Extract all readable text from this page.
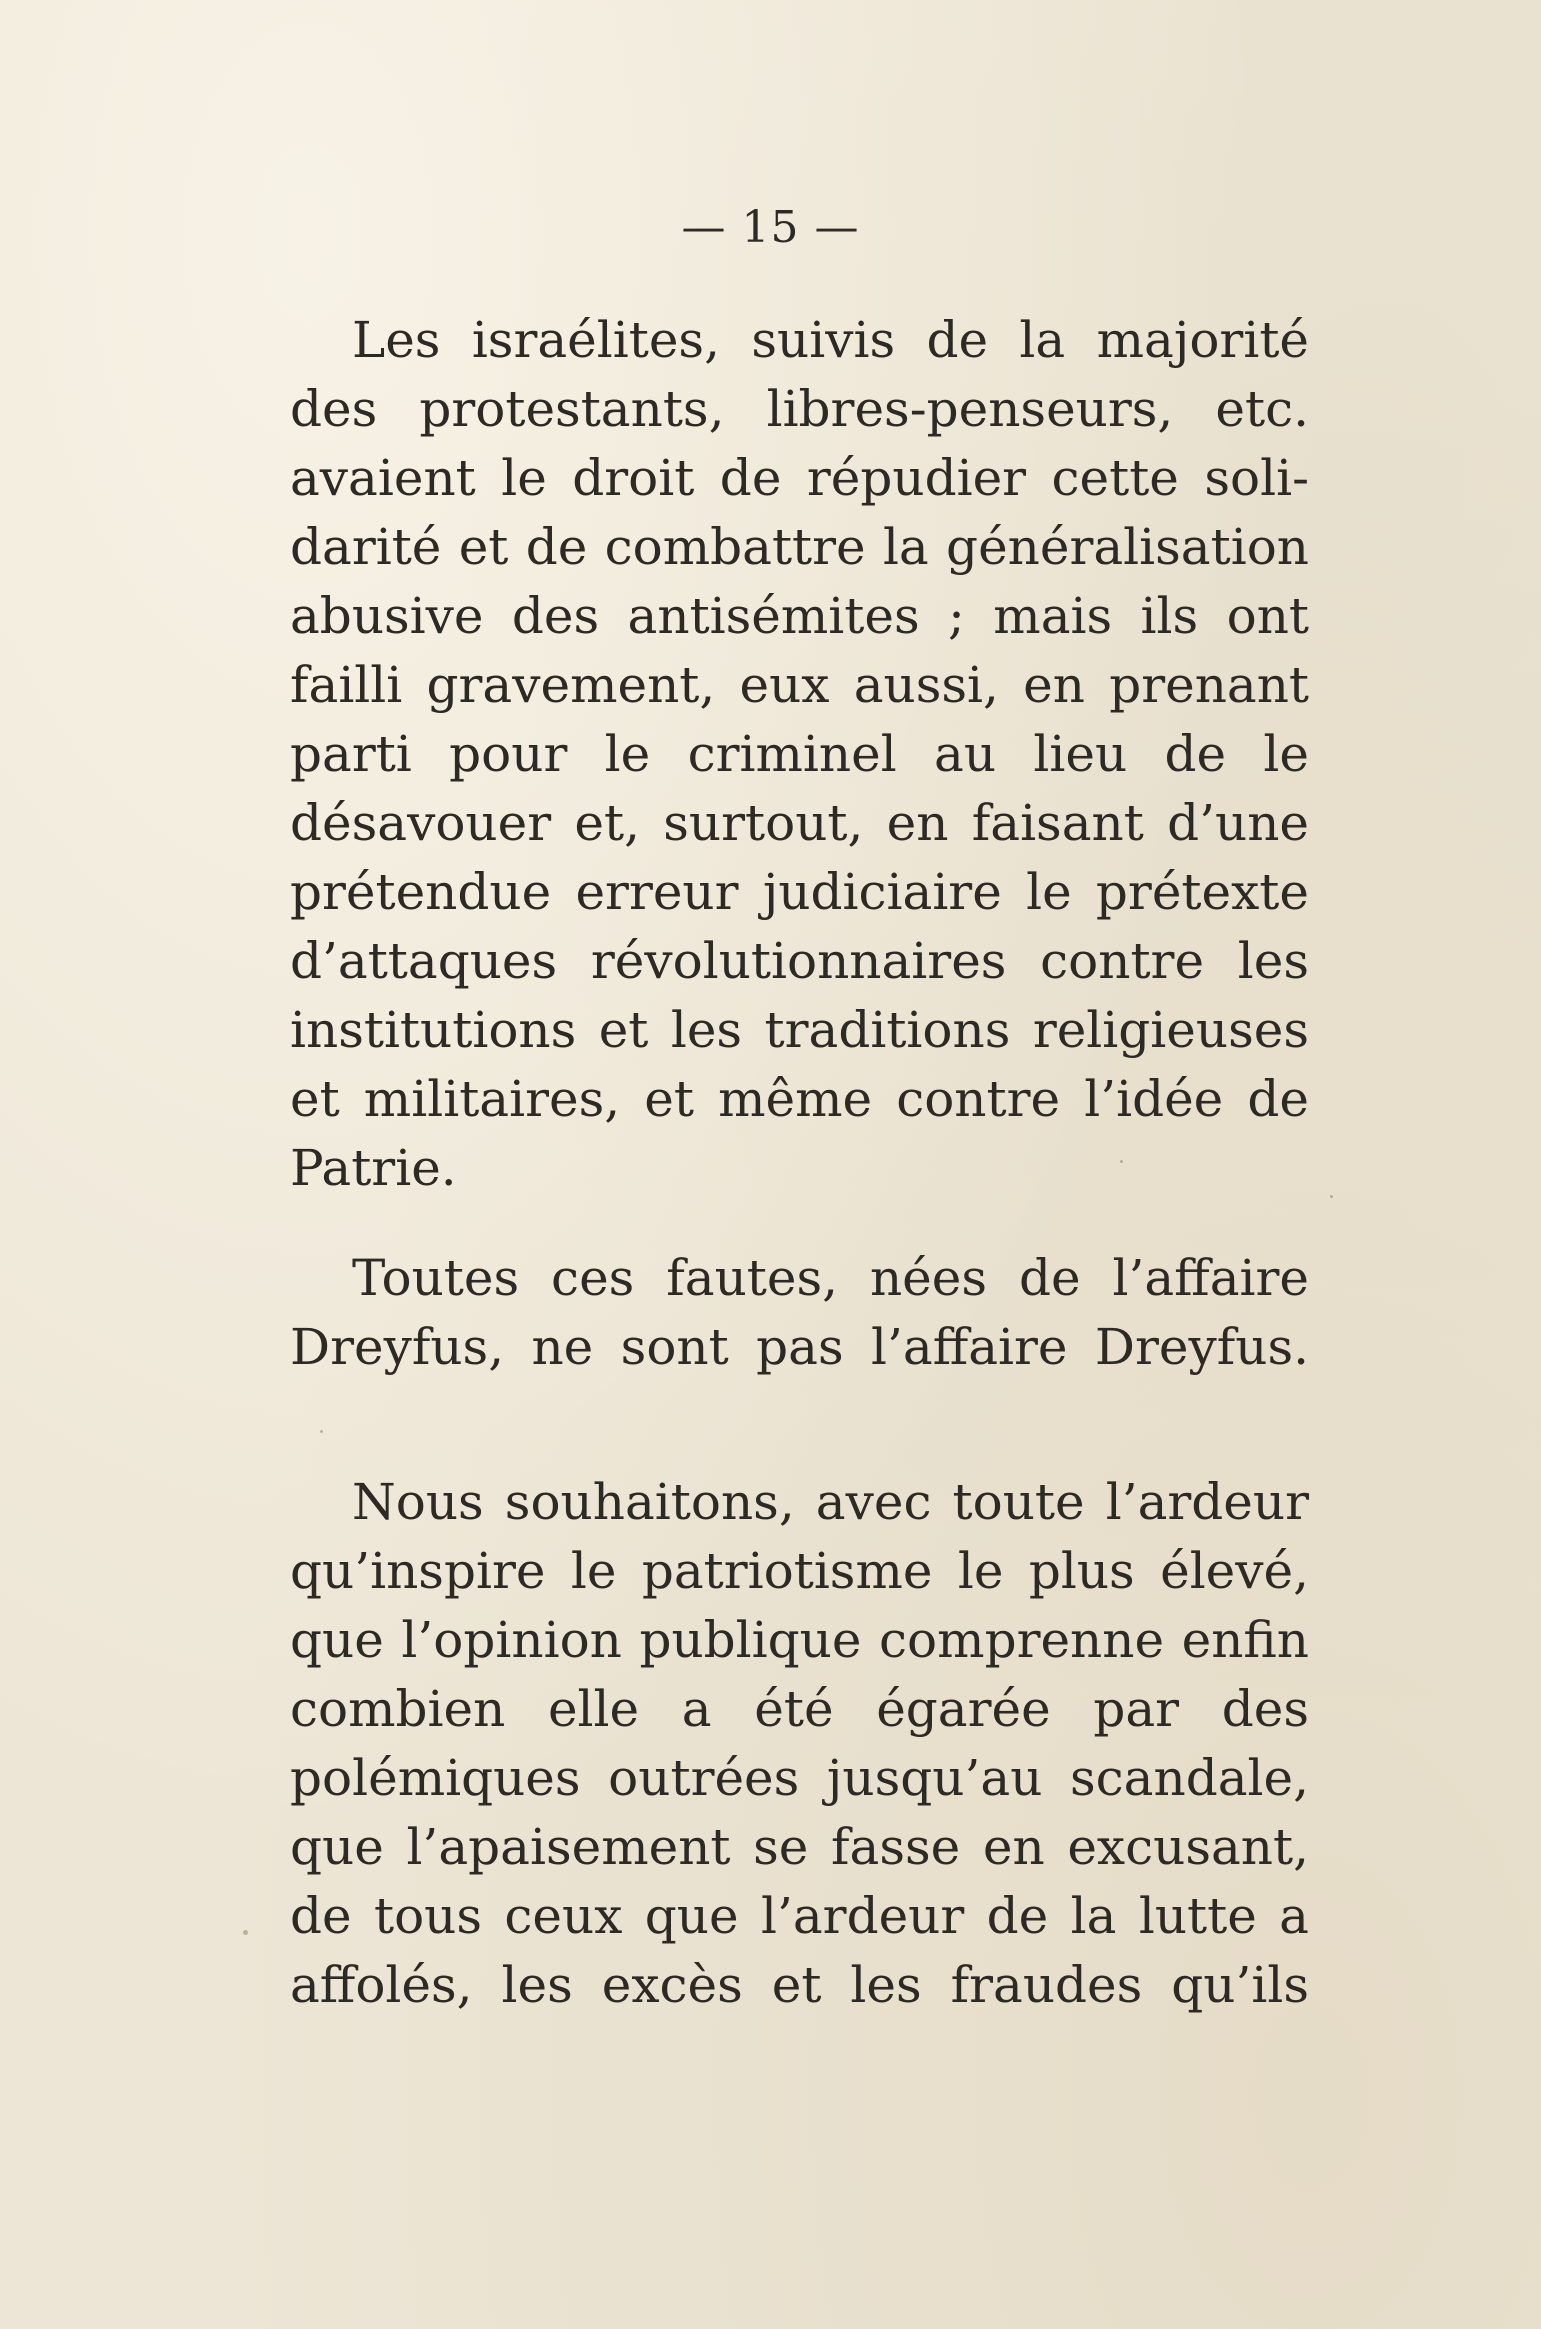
— 15 —
Les israélites, suivis de la majorité
des protestants, libres-penseurs, etc.
avaient le droit de répudier cette soli-
darité et de combattre la généralisation
abusive des antisémites ; mais ils ont
failli gravement, eux aussi, en prenant
parti pour le criminel au lieu de le
désavouer et, surtout, en faisant d’une
prétendue erreur judiciaire le prétexte
d’attaques révolutionnaires contre les
institutions et les traditions religieuses
et militaires, et même contre l’idée de
Patrie.
Toutes ces fautes, nées de l’affaire
Dreyfus, ne sont pas l’affaire Dreyfus.
Nous souhaitons, avec toute l’ardeur
qu’inspire le patriotisme le plus élevé,
que l’opinion publique comprenne enfin
combien elle a été égarée par des
polémiques outrées jusqu’au scandale,
que l’apaisement se fasse en excusant,
de tous ceux que l’ardeur de la lutte a
affolés, les excès et les fraudes qu’ils
